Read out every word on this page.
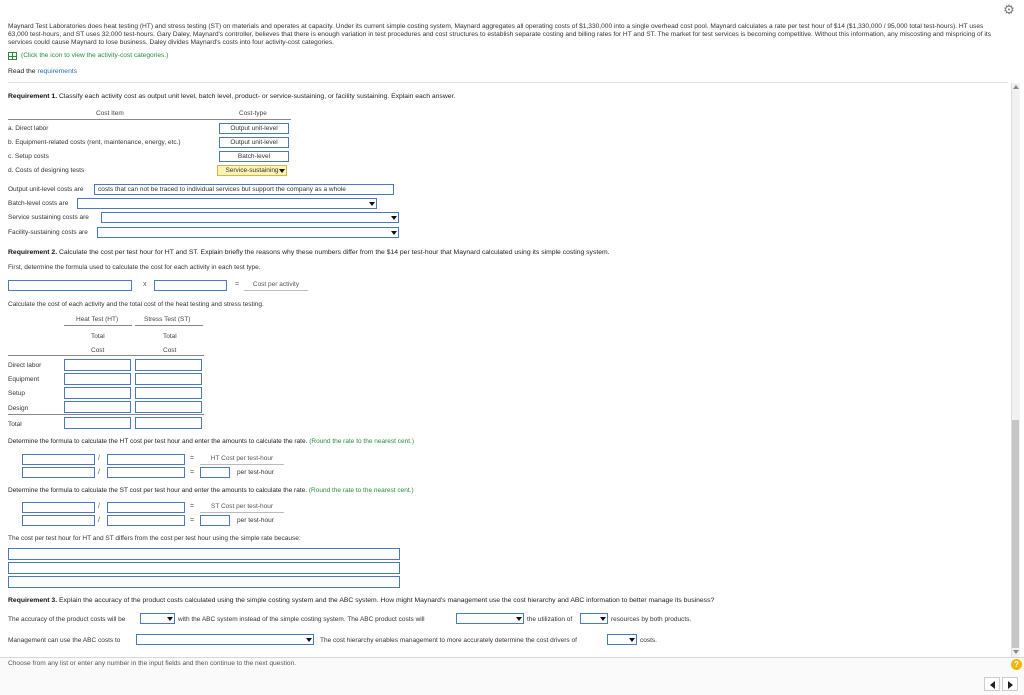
⚙
Maynard Test Laboratories does heat testing (HT) and stress testing (ST) on materials and operates at capacity. Under its current simple costing system, Maynard aggregates all operating costs of $1,330,000 into a single overhead cost pool. Maynard calculates a rate per test hour of $14 ($1,330,000 / 95,000 total test-hours). HT uses 63,000 test-hours, and ST uses 32,000 test-hours. Gary Daley, Maynard's controller, believes that there is enough variation in test procedures and cost structures to establish separate costing and billing rates for HT and ST. The market for test services is becoming competitive. Without this information, any miscosting and mispricing of its services could cause Maynard to lose business. Daley divides Maynard's costs into four activity-cost categories.
(Click the icon to view the activity-cost categories.)
Read the requirements
Requirement 1. Classify each activity cost as output unit level, batch level, product- or service-sustaining, or facility sustaining. Explain each answer.
Cost Item	Cost-type
a. Direct labor	Output unit-level
b. Equipment-related costs (rent, maintenance, energy, etc.)	Output unit-level
c. Setup costs	Batch-level
d. Costs of designing tests	Service-sustaining
Output unit-level costs are	costs that can not be traced to individual services but support the company as a whole
Batch-level costs are
Service sustaining costs are
Facility-sustaining costs are
Requirement 2. Calculate the cost per test hour for HT and ST. Explain briefly the reasons why these numbers differ from the $14 per test-hour that Maynard calculated using its simple costing system.
First, determine the formula used to calculate the cost for each activity in each test type.
x	=	Cost per activity
Calculate the cost of each activity and the total cost of the heat testing and stress testing.
Heat Test (HT)	Stress Test (ST)
Total	Total
Cost	Cost
Direct labor
Equipment
Setup
Design
Total
Determine the formula to calculate the HT cost per test hour and enter the amounts to calculate the rate. (Round the rate to the nearest cent.)
/	=	HT Cost per test-hour
/	=	per test-hour
Determine the formula to calculate the ST cost per test hour and enter the amounts to calculate the rate. (Round the rate to the nearest cent.)
/	=	ST Cost per test-hour
/	=	per test-hour
The cost per test hour for HT and ST differs from the cost per test hour using the simple rate because:
Requirement 3. Explain the accuracy of the product costs calculated using the simple costing system and the ABC system. How might Maynard's management use the cost hierarchy and ABC information to better manage its business?
The accuracy of the product costs will be	with the ABC system instead of the simple costing system. The ABC product costs will	the utilization of	resources by both products.
Management can use the ABC costs to	The cost hierarchy enables management to more accurately determine the cost drivers of	costs.
Choose from any list or enter any number in the input fields and then continue to the next question.	?
